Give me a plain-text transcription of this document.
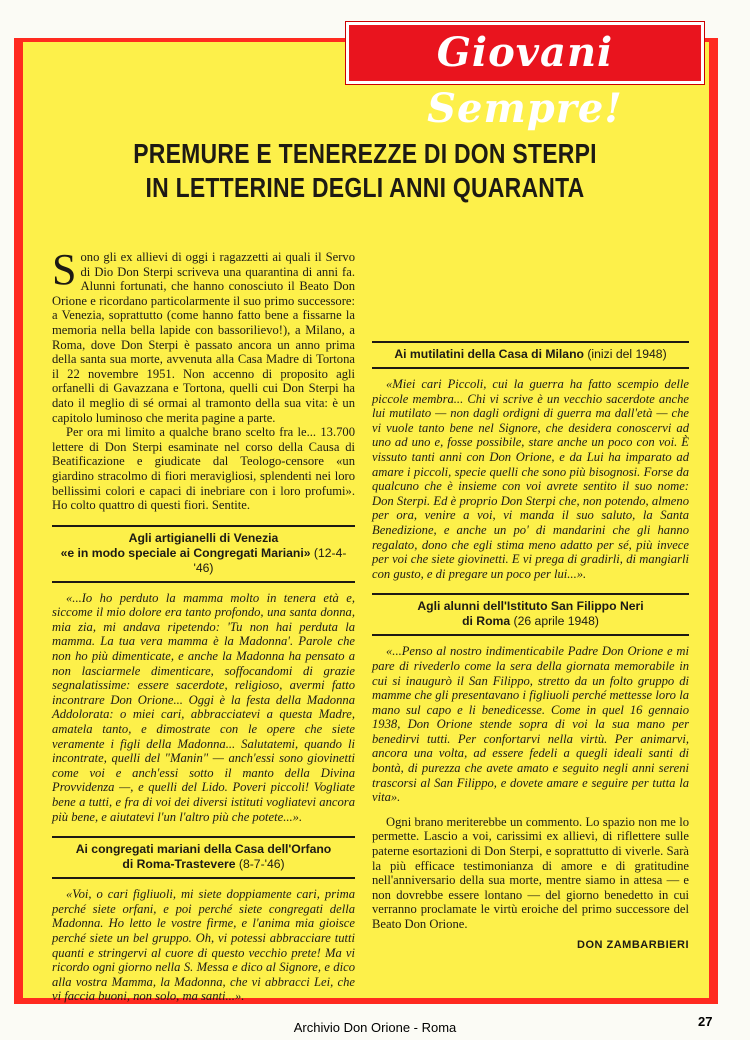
Giovani Sempre!
PREMURE E TENEREZZE DI DON STERPI
IN LETTERINE DEGLI ANNI QUARANTA

Sono gli ex allievi di oggi i ragazzetti ai quali il Servo di Dio Don Sterpi scriveva una quarantina di anni fa. Alunni fortunati, che hanno conosciuto il Beato Don Orione e ricordano particolarmente il suo primo successore: a Venezia, soprattutto (come hanno fatto bene a fissarne la memoria nella bella lapide con bassorilievo!), a Milano, a Roma, dove Don Sterpi è passato ancora un anno prima della santa sua morte, avvenuta alla Casa Madre di Tortona il 22 novembre 1951. Non accenno di proposito agli orfanelli di Gavazzana e Tortona, quelli cui Don Sterpi ha dato il meglio di sé ormai al tramonto della sua vita: è un capitolo luminoso che merita pagine a parte.

Per ora mi limito a qualche brano scelto fra le... 13.700 lettere di Don Sterpi esaminate nel corso della Causa di Beatificazione e giudicate dal Teologo-censore «un giardino stracolmo di fiori meravigliosi, splendenti nei loro bellissimi colori e capaci di inebriare con i loro profumi». Ho colto quattro di questi fiori. Sentite.

Agli artigianelli di Venezia
«e in modo speciale ai Congregati Mariani» (12-4-'46)

«...Io ho perduto la mamma molto in tenera età e, siccome il mio dolore era tanto profondo, una santa donna, mia zia, mi andava ripetendo: 'Tu non hai perduta la mamma. La tua vera mamma è la Madonna'. Parole che non ho più dimenticate, e anche la Madonna ha pensato a non lasciarmele dimenticare, soffocandomi di grazie segnalatissime: essere sacerdote, religioso, avermi fatto incontrare Don Orione... Oggi è la festa della Madonna Addolorata: o miei cari, abbracciatevi a questa Madre, amatela tanto, e dimostrate con le opere che siete veramente i figli della Madonna... Salutatemi, quando li incontrate, quelli del "Manin" — anch'essi sono giovinetti come voi e anch'essi sotto il manto della Divina Provvidenza —, e quelli del Lido. Poveri piccoli! Vogliate bene a tutti, e fra di voi dei diversi istituti vogliatevi ancora più bene, e aiutatevi l'un l'altro più che potete...».

Ai congregati mariani della Casa dell'Orfano
di Roma-Trastevere (8-7-'46)

«Voi, o cari figliuoli, mi siete doppiamente cari, prima perché siete orfani, e poi perché siete congregati della Madonna. Ho letto le vostre firme, e l'anima mia gioisce perché siete un bel gruppo. Oh, vi potessi abbracciare tutti quanti e stringervi al cuore di questo vecchio prete! Ma vi ricordo ogni giorno nella S. Messa e dico al Signore, e dico alla vostra Mamma, la Madonna, che vi abbracci Lei, che vi faccia buoni, non solo, ma santi...».

Ai mutilatini della Casa di Milano (inizi del 1948)

«Miei cari Piccoli, cui la guerra ha fatto scempio delle piccole membra... Chi vi scrive è un vecchio sacerdote anche lui mutilato — non dagli ordigni di guerra ma dall'età — che vi vuole tanto bene nel Signore, che desidera conoscervi ad uno ad uno e, fosse possibile, stare anche un poco con voi. È vissuto tanti anni con Don Orione, e da Lui ha imparato ad amare i piccoli, specie quelli che sono più bisognosi. Forse da qualcuno che è insieme con voi avrete sentito il suo nome: Don Sterpi. Ed è proprio Don Sterpi che, non potendo, almeno per ora, venire a voi, vi manda il suo saluto, la Santa Benedizione, e anche un po' di mandarini che gli hanno regalato, dono che egli stima meno adatto per sé, più invece per voi che siete giovinetti. E vi prega di gradirli, di mangiarli con gusto, e di pregare un poco per lui...».

Agli alunni dell'Istituto San Filippo Neri
di Roma (26 aprile 1948)

«...Penso al nostro indimenticabile Padre Don Orione e mi pare di rivederlo come la sera della giornata memorabile in cui si inaugurò il San Filippo, stretto da un folto gruppo di mamme che gli presentavano i figliuoli perché mettesse loro la mano sul capo e li benedicesse. Come in quel 16 gennaio 1938, Don Orione stende sopra di voi la sua mano per benedirvi tutti. Per confortarvi nella virtù. Per animarvi, ancora una volta, ad essere fedeli a quegli ideali santi di bontà, di purezza che avete amato e seguito negli anni sereni trascorsi al San Filippo, e dovete amare e seguire per tutta la vita».

Ogni brano meriterebbe un commento. Lo spazio non me lo permette. Lascio a voi, carissimi ex allievi, di riflettere sulle paterne esortazioni di Don Sterpi, e soprattutto di viverle. Sarà la più efficace testimonianza di amore e di gratitudine nell'anniversario della sua morte, mentre siamo in attesa — e non dovrebbe essere lontano — del giorno benedetto in cui verranno proclamate le virtù eroiche del primo successore del Beato Don Orione.

DON ZAMBARBIERI
27
Archivio Don Orione - Roma
